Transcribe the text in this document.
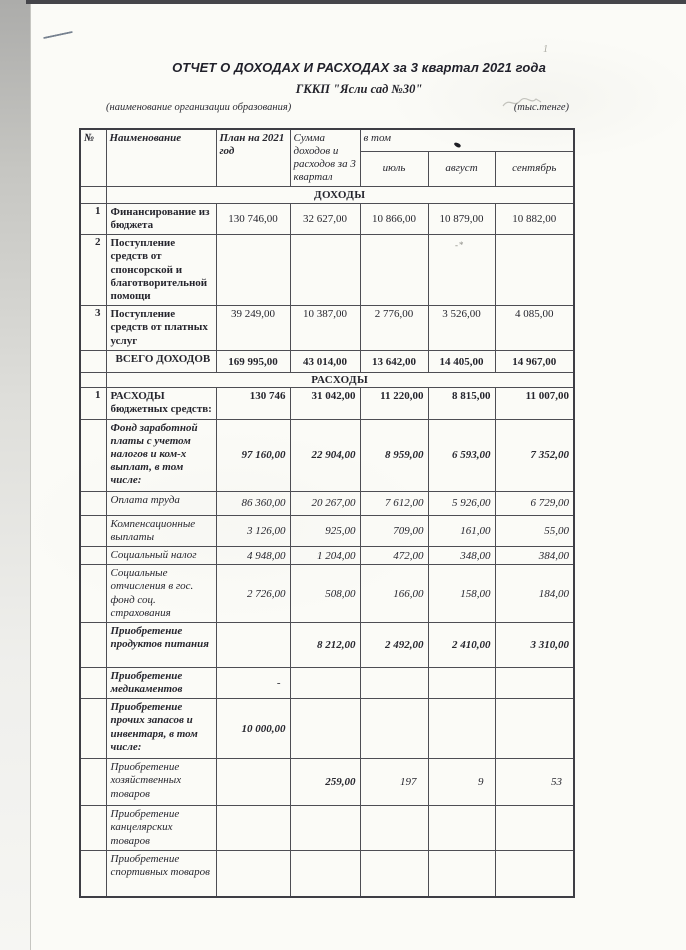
ОТЧЕТ О ДОХОДАХ И РАСХОДАХ за 3 квартал 2021 года
ГККП "Ясли сад №30"
(наименование организации образования)	(тыс.тенге)
1
-*
№	Наименование	План на 2021 год	Сумма доходов и расходов за 3 квартал	в том		
				июль	август	сентябрь
	ДОХОДЫ					
1	Финансирование из бюджета	130 746,00	32 627,00	10 866,00	10 879,00	10 882,00
2	Поступление средств от спонсорской и благотворительной помощи					
3	Поступление средств от платных услуг	39 249,00	10 387,00	2 776,00	3 526,00	4 085,00
	ВСЕГО ДОХОДОВ	169 995,00	43 014,00	13 642,00	14 405,00	14 967,00
	РАСХОДЫ					
1	РАСХОДЫ бюджетных средств:	130 746	31 042,00	11 220,00	8 815,00	11 007,00
	Фонд заработной платы с учетом налогов и ком-х выплат, в том числе:	97 160,00	22 904,00	8 959,00	6 593,00	7 352,00
	Оплата труда	86 360,00	20 267,00	7 612,00	5 926,00	6 729,00
	Компенсационные выплаты	3 126,00	925,00	709,00	161,00	55,00
	Социальный налог	4 948,00	1 204,00	472,00	348,00	384,00
	Социальные отчисления в гос. фонд соц. страхования	2 726,00	508,00	166,00	158,00	184,00
	Приобретение продуктов питания		8 212,00	2 492,00	2 410,00	3 310,00
	Приобретение медикаментов	-				
	Приобретение прочих запасов и инвентаря, в том числе:	10 000,00				
	Приобретение хозяйственных товаров		259,00	197	9	53
	Приобретение канцелярских товаров					
	Приобретение спортивных товаров					
